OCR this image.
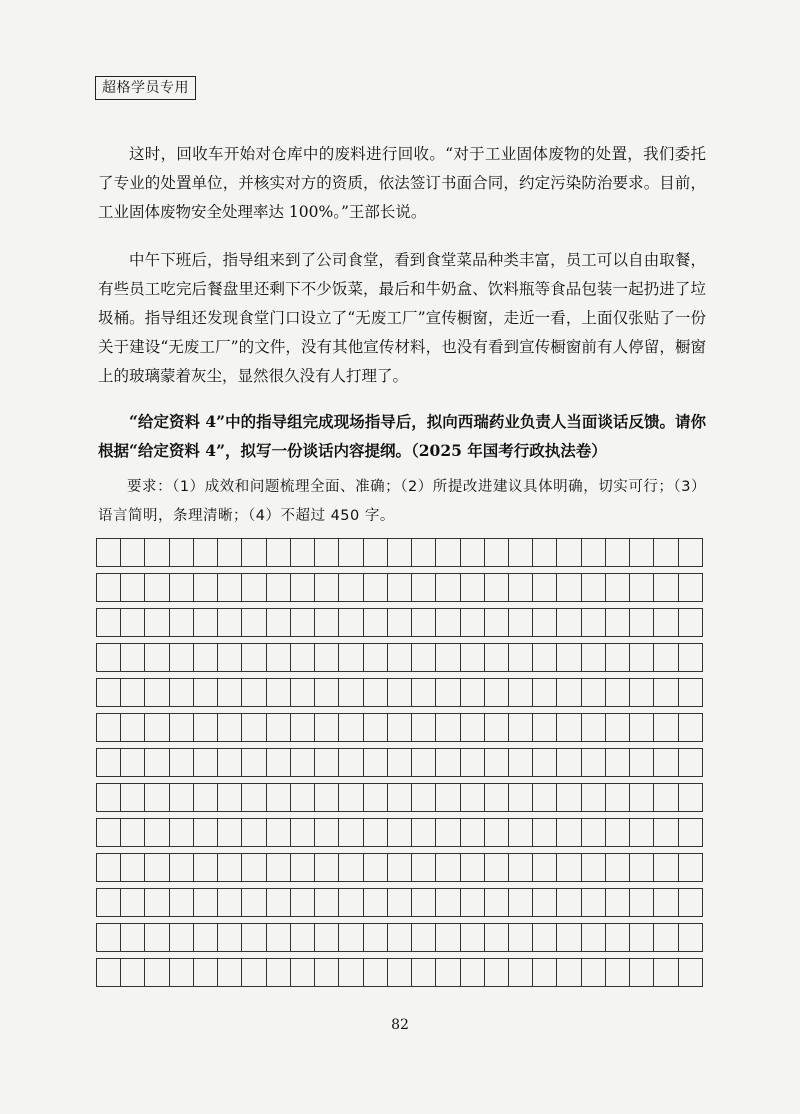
超格学员专用

这时，回收车开始对仓库中的废料进行回收。“对于工业固体废物的处置，我们委托了专业的处置单位，并核实对方的资质，依法签订书面合同，约定污染防治要求。目前，工业固体废物安全处理率达 100%。”王部长说。

中午下班后，指导组来到了公司食堂，看到食堂菜品种类丰富，员工可以自由取餐，有些员工吃完后餐盘里还剩下不少饭菜，最后和牛奶盒、饮料瓶等食品包装一起扔进了垃圾桶。指导组还发现食堂门口设立了“无废工厂”宣传橱窗，走近一看，上面仅张贴了一份关于建设“无废工厂”的文件，没有其他宣传材料，也没有看到宣传橱窗前有人停留，橱窗上的玻璃蒙着灰尘，显然很久没有人打理了。

“给定资料 4”中的指导组完成现场指导后，拟向西瑞药业负责人当面谈话反馈。请你根据“给定资料 4”，拟写一份谈话内容提纲。（2025 年国考行政执法卷）

要求：（1）成效和问题梳理全面、准确；（2）所提改进建议具体明确，切实可行；（3）语言简明，条理清晰；（4）不超过 450 字。

82
